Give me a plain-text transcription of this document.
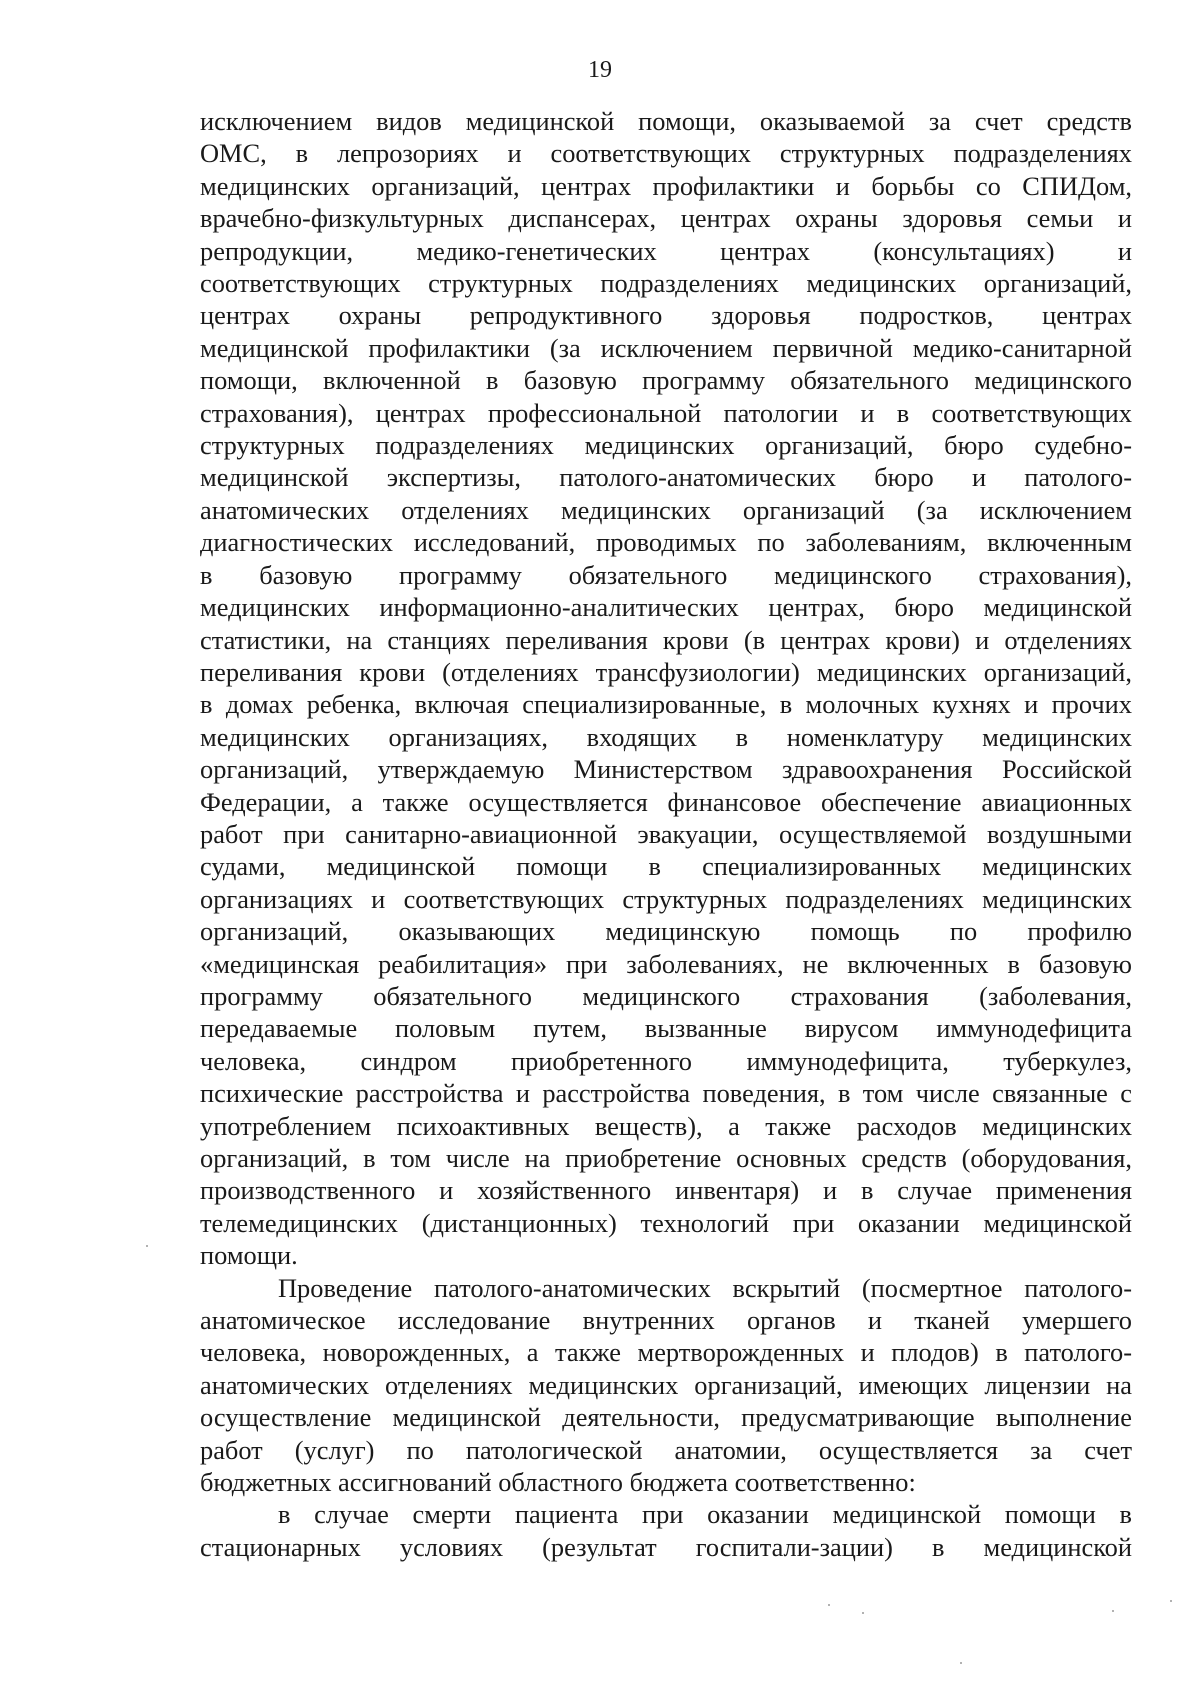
19
исключением видов медицинской помощи, оказываемой за счет средств
ОМС, в лепрозориях и соответствующих структурных подразделениях
медицинских организаций, центрах профилактики и борьбы со СПИДом,
врачебно-физкультурных диспансерах, центрах охраны здоровья семьи и
репродукции, медико-генетических центрах (консультациях) и
соответствующих структурных подразделениях медицинских организаций,
центрах охраны репродуктивного здоровья подростков, центрах
медицинской профилактики (за исключением первичной медико-санитарной
помощи, включенной в базовую программу обязательного медицинского
страхования), центрах профессиональной патологии и в соответствующих
структурных подразделениях медицинских организаций, бюро судебно-
медицинской экспертизы, патолого-анатомических бюро и патолого-
анатомических отделениях медицинских организаций (за исключением
диагностических исследований, проводимых по заболеваниям, включенным
в базовую программу обязательного медицинского страхования),
медицинских информационно-аналитических центрах, бюро медицинской
статистики, на станциях переливания крови (в центрах крови) и отделениях
переливания крови (отделениях трансфузиологии) медицинских организаций,
в домах ребенка, включая специализированные, в молочных кухнях и прочих
медицинских организациях, входящих в номенклатуру медицинских
организаций, утверждаемую Министерством здравоохранения Российской
Федерации, а также осуществляется финансовое обеспечение авиационных
работ при санитарно-авиационной эвакуации, осуществляемой воздушными
судами, медицинской помощи в специализированных медицинских
организациях и соответствующих структурных подразделениях медицинских
организаций, оказывающих медицинскую помощь по профилю
«медицинская реабилитация» при заболеваниях, не включенных в базовую
программу обязательного медицинского страхования (заболевания,
передаваемые половым путем, вызванные вирусом иммунодефицита
человека, синдром приобретенного иммунодефицита, туберкулез,
психические расстройства и расстройства поведения, в том числе связанные с
употреблением психоактивных веществ), а также расходов медицинских
организаций, в том числе на приобретение основных средств (оборудования,
производственного и хозяйственного инвентаря) и в случае применения
телемедицинских (дистанционных) технологий при оказании медицинской
помощи.
Проведение патолого-анатомических вскрытий (посмертное патолого-
анатомическое исследование внутренних органов и тканей умершего
человека, новорожденных, а также мертворожденных и плодов) в патолого-
анатомических отделениях медицинских организаций, имеющих лицензии на
осуществление медицинской деятельности, предусматривающие выполнение
работ (услуг) по патологической анатомии, осуществляется за счет
бюджетных ассигнований областного бюджета соответственно:
в случае смерти пациента при оказании медицинской помощи в
стационарных условиях (результат госпитали-зации) в медицинской
